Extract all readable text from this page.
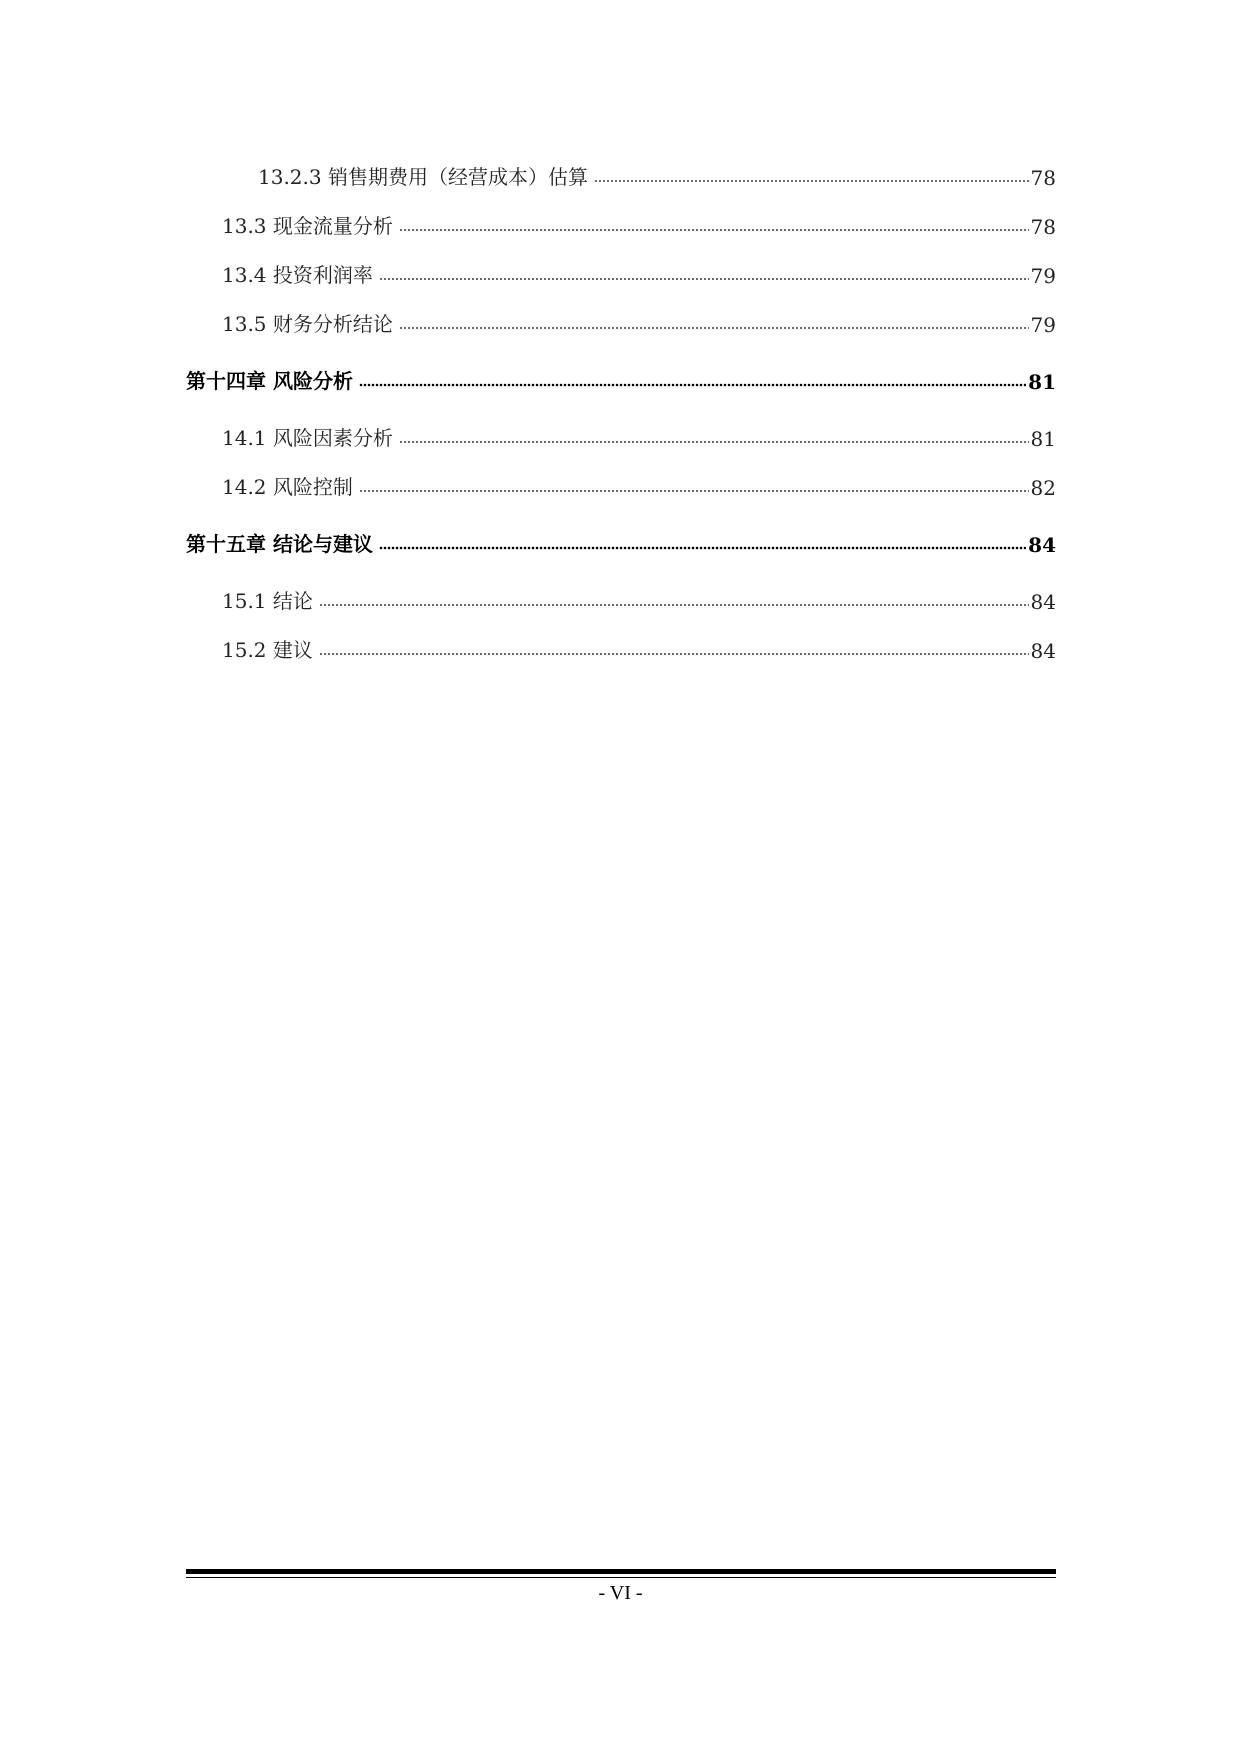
13.2.3 销售期费用（经营成本）估算	78
13.3 现金流量分析	78
13.4 投资利润率	79
13.5 财务分析结论	79
第十四章 风险分析	81
14.1 风险因素分析	81
14.2 风险控制	82
第十五章 结论与建议	84
15.1 结论	84
15.2 建议	84
- VI -
